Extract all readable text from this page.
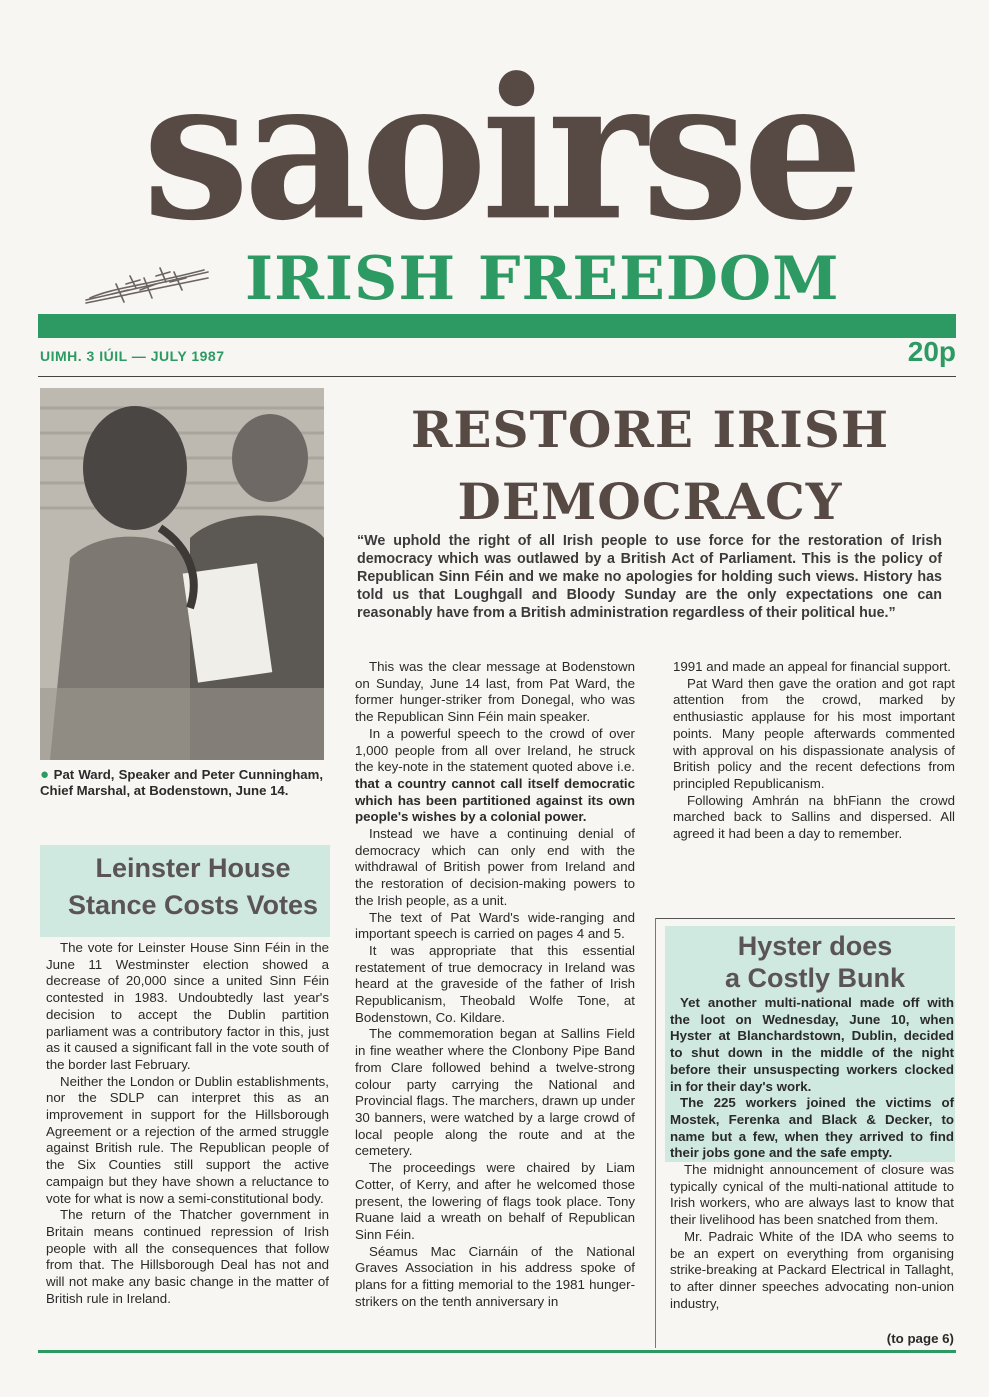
saoirse
IRISH FREEDOM
UIMH. 3 IÚIL — JULY 1987	20p
● Pat Ward, Speaker and Peter Cunningham, Chief Marshal, at Bodenstown, June 14.
RESTORE IRISH
DEMOCRACY
“We uphold the right of all Irish people to use force for the restoration of Irish democracy which was outlawed by a British Act of Parliament. This is the policy of Republican Sinn Féin and we make no apologies for holding such views. History has told us that Loughgall and Bloody Sunday are the only expectations one can reasonably have from a British administration regardless of their political hue.”

This was the clear message at Bodenstown on Sunday, June 14 last, from Pat Ward, the former hunger-striker from Donegal, who was the Republican Sinn Féin main speaker.

In a powerful speech to the crowd of over 1,000 people from all over Ireland, he struck the key-note in the statement quoted above i.e. that a country cannot call itself democratic which has been partitioned against its own people's wishes by a colonial power.

Instead we have a continuing denial of democracy which can only end with the withdrawal of British power from Ireland and the restoration of decision-making powers to the Irish people, as a unit.

The text of Pat Ward's wide-ranging and important speech is carried on pages 4 and 5.

It was appropriate that this essential restatement of true democracy in Ireland was heard at the graveside of the father of Irish Republicanism, Theobald Wolfe Tone, at Bodenstown, Co. Kildare.

The commemoration began at Sallins Field in fine weather where the Clonbony Pipe Band from Clare followed behind a twelve-strong colour party carrying the National and Provincial flags. The marchers, drawn up under 30 banners, were watched by a large crowd of local people along the route and at the cemetery.

The proceedings were chaired by Liam Cotter, of Kerry, and after he welcomed those present, the lowering of flags took place. Tony Ruane laid a wreath on behalf of Republican Sinn Féin.

Séamus Mac Ciarnáin of the National Graves Association in his address spoke of plans for a fitting memorial to the 1981 hunger-strikers on the tenth anniversary in

1991 and made an appeal for financial support.

Pat Ward then gave the oration and got rapt attention from the crowd, marked by enthusiastic applause for his most important points. Many people afterwards commented with approval on his dispassionate analysis of British policy and the recent defections from principled Republicanism.

Following Amhrán na bhFiann the crowd marched back to Sallins and dispersed. All agreed it had been a day to remember.

Leinster House
Stance Costs Votes

The vote for Leinster House Sinn Féin in the June 11 Westminster election showed a decrease of 20,000 since a united Sinn Féin contested in 1983. Undoubtedly last year's decision to accept the Dublin partition parliament was a contributory factor in this, just as it caused a significant fall in the vote south of the border last February.

Neither the London or Dublin establishments, nor the SDLP can interpret this as an improvement in support for the Hillsborough Agreement or a rejection of the armed struggle against British rule. The Republican people of the Six Counties still support the active campaign but they have shown a reluctance to vote for what is now a semi-constitutional body.

The return of the Thatcher government in Britain means continued repression of Irish people with all the consequences that follow from that. The Hillsborough Deal has not and will not make any basic change in the matter of British rule in Ireland.

Hyster does
a Costly Bunk

Yet another multi-national made off with the loot on Wednesday, June 10, when Hyster at Blanchardstown, Dublin, decided to shut down in the middle of the night before their unsuspecting workers clocked in for their day's work.

The 225 workers joined the victims of Mostek, Ferenka and Black & Decker, to name but a few, when they arrived to find their jobs gone and the safe empty.

The midnight announcement of closure was typically cynical of the multi-national attitude to Irish workers, who are always last to know that their livelihood has been snatched from them.

Mr. Padraic White of the IDA who seems to be an expert on everything from organising strike-breaking at Packard Electrical in Tallaght, to after dinner speeches advocating non-union industry,

(to page 6)
